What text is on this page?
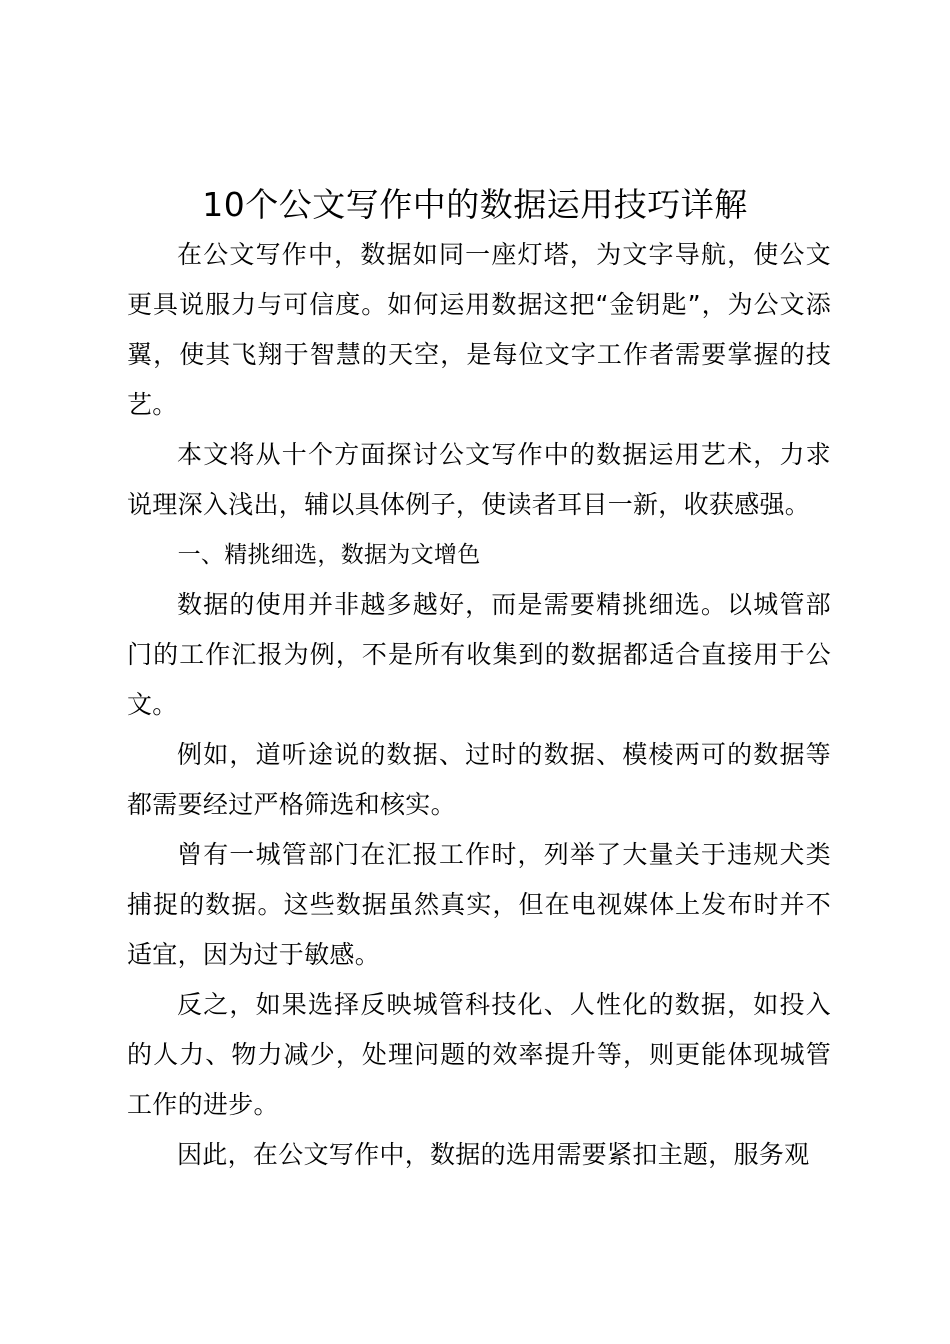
10个公文写作中的数据运用技巧详解

在公文写作中，数据如同一座灯塔，为文字导航，使公文更具说服力与可信度。如何运用数据这把“金钥匙”，为公文添翼，使其飞翔于智慧的天空，是每位文字工作者需要掌握的技艺。

本文将从十个方面探讨公文写作中的数据运用艺术，力求说理深入浅出，辅以具体例子，使读者耳目一新，收获感强。

一、精挑细选，数据为文增色

数据的使用并非越多越好，而是需要精挑细选。以城管部门的工作汇报为例，不是所有收集到的数据都适合直接用于公文。

例如，道听途说的数据、过时的数据、模棱两可的数据等都需要经过严格筛选和核实。

曾有一城管部门在汇报工作时，列举了大量关于违规犬类捕捉的数据。这些数据虽然真实，但在电视媒体上发布时并不适宜，因为过于敏感。

反之，如果选择反映城管科技化、人性化的数据，如投入的人力、物力减少，处理问题的效率提升等，则更能体现城管工作的进步。

因此，在公文写作中，数据的选用需要紧扣主题，服务观
